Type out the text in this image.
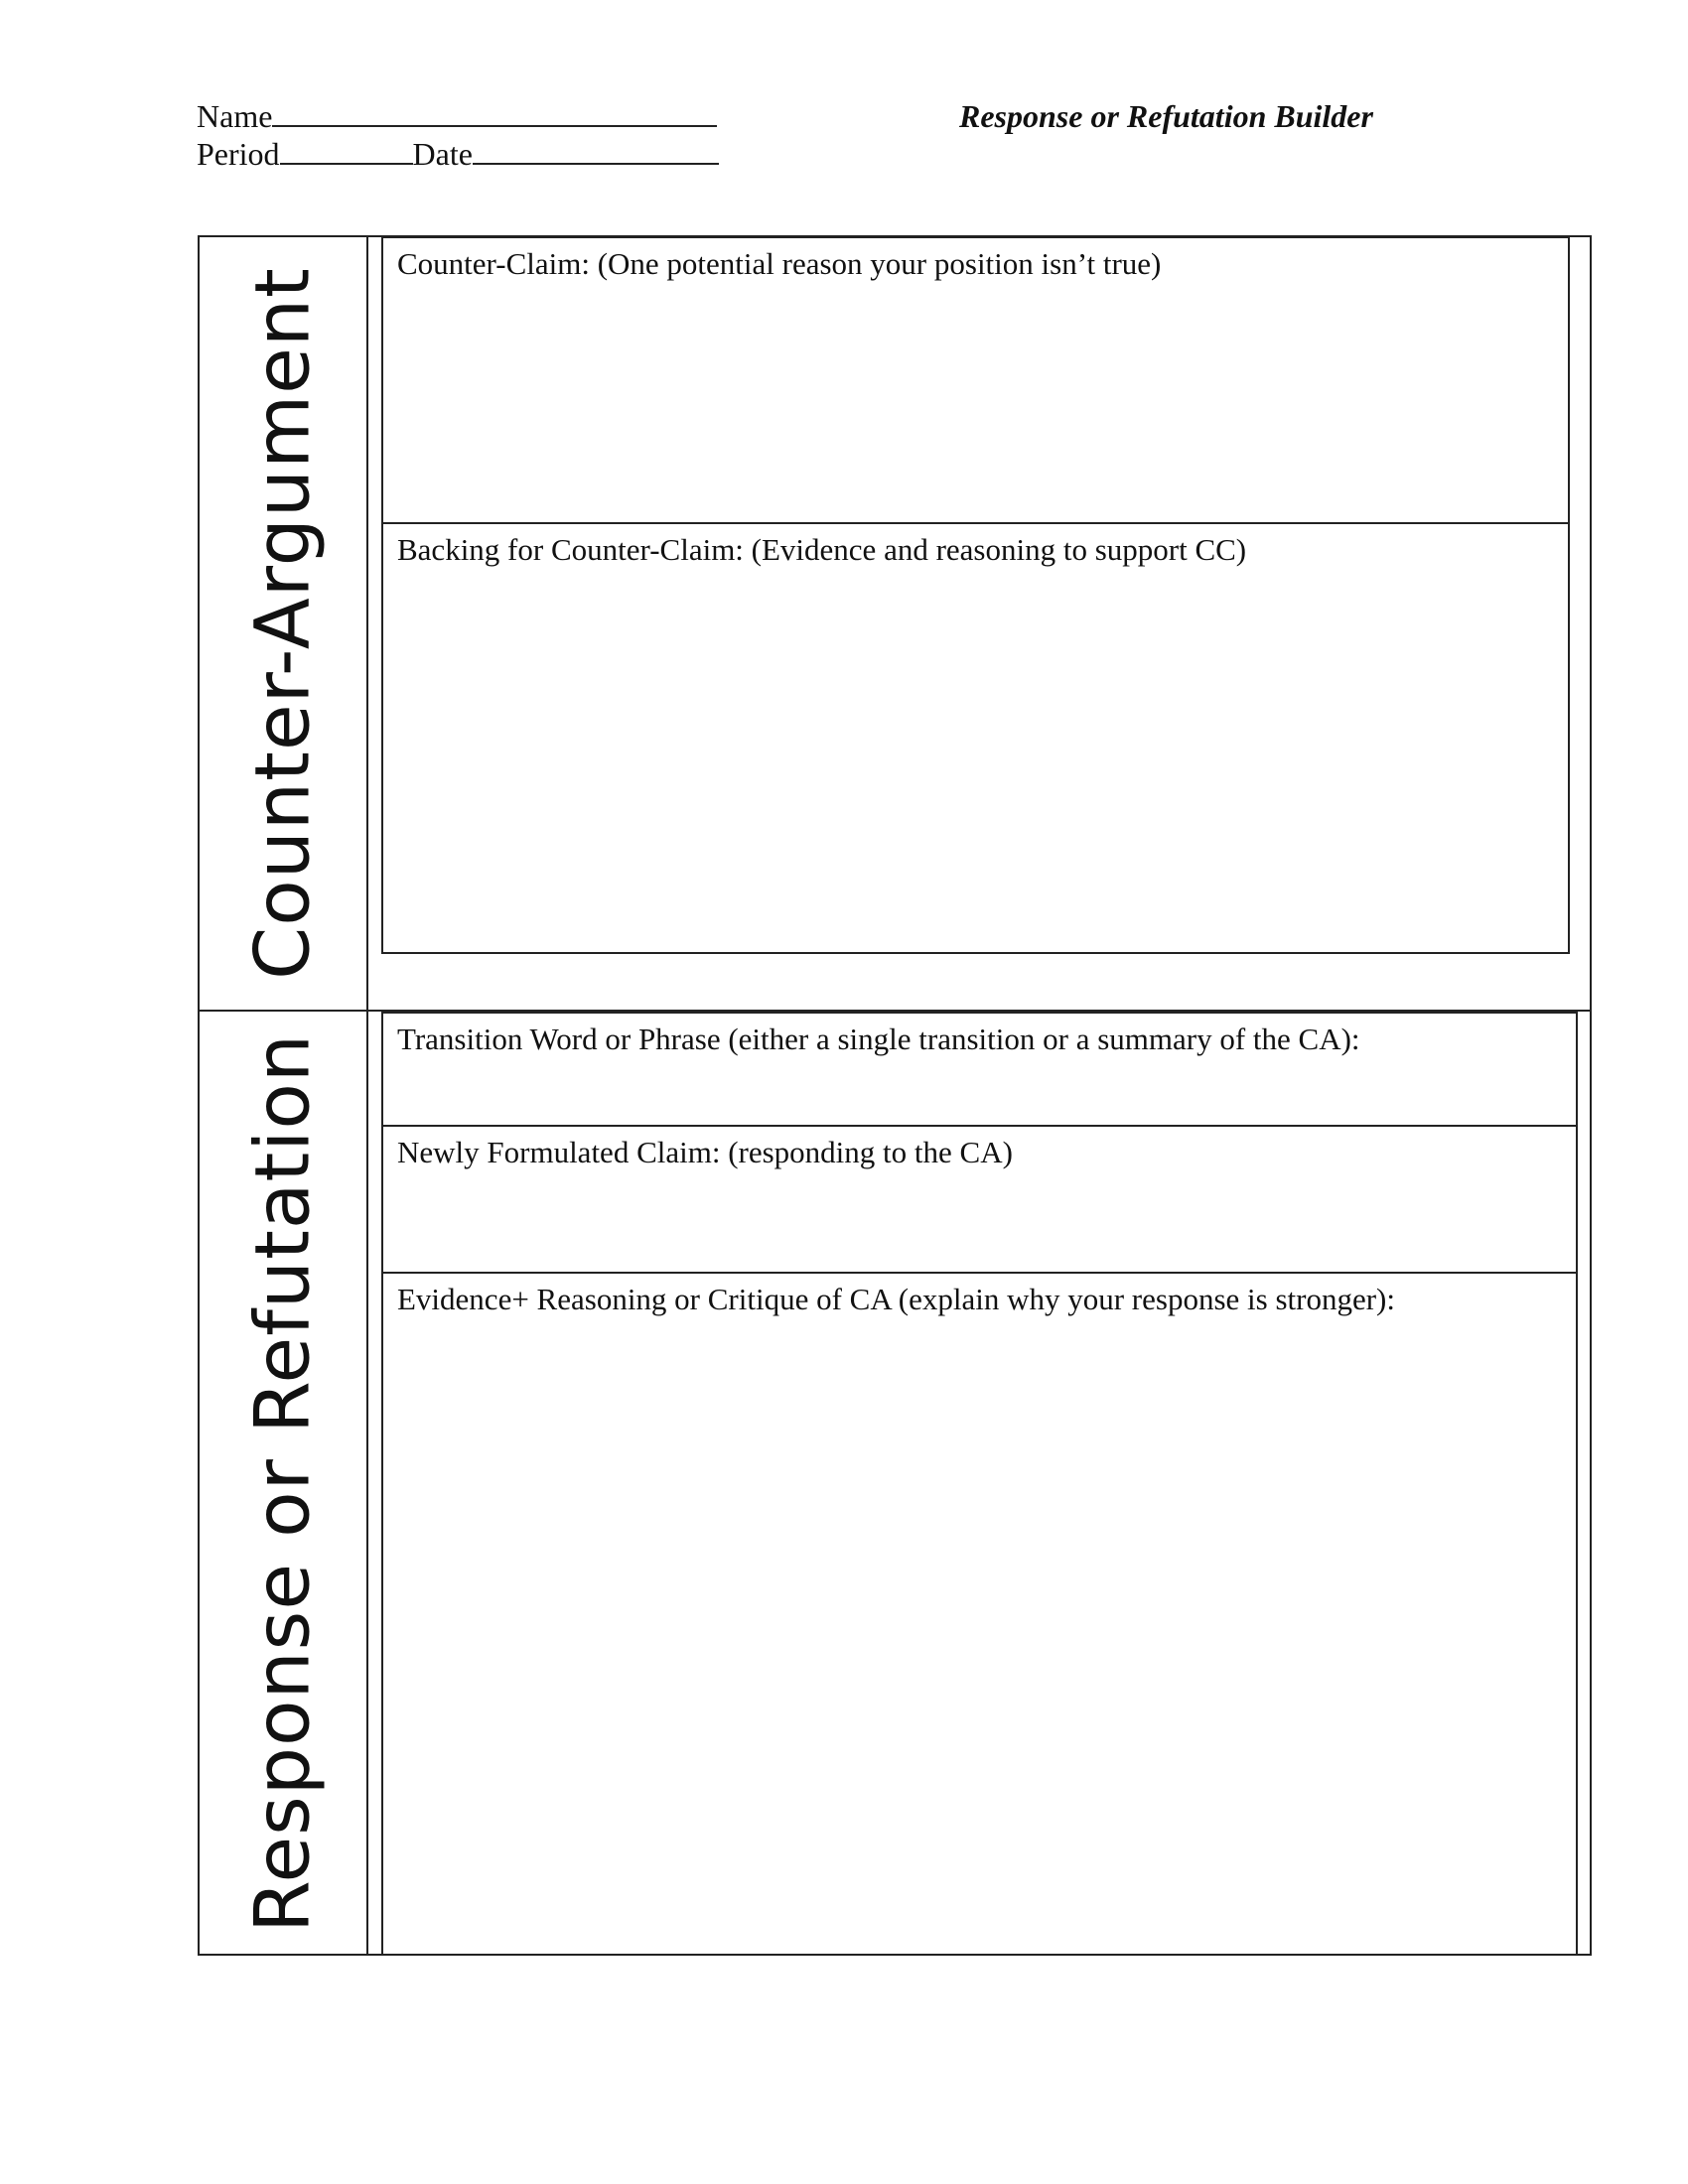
Name
Period	Date
Response or Refutation Builder
Counter-Argument
Counter-Claim: (One potential reason your position isn’t true)
Backing for Counter-Claim: (Evidence and reasoning to support CC)
Response or Refutation Transition Word or Phrase (either a single transition or a summary of the CA):
Newly Formulated Claim: (responding to the CA)
Evidence+ Reasoning or Critique of CA (explain why your response is stronger):
